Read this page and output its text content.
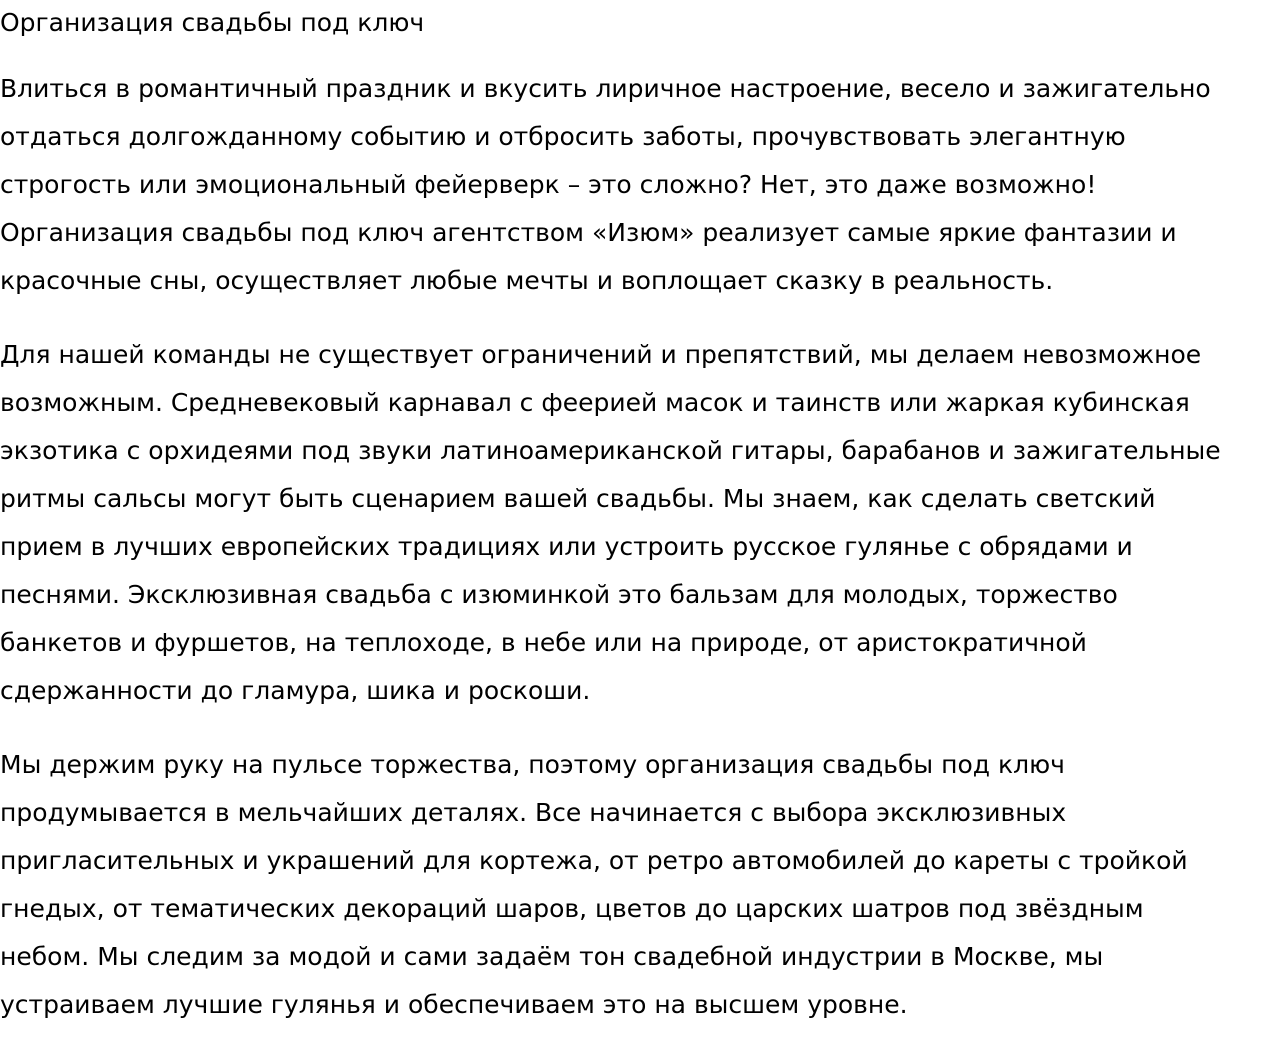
Организация свадьбы под ключ

Влиться в романтичный праздник и вкусить лиричное настроение, весело и зажигательно
отдаться долгожданному событию и отбросить заботы, прочувствовать элегантную
строгость или эмоциональный фейерверк – это сложно? Нет, это даже возможно!
Организация свадьбы под ключ агентством «Изюм» реализует самые яркие фантазии и
красочные сны, осуществляет любые мечты и воплощает сказку в реальность.

Для нашей команды не существует ограничений и препятствий, мы делаем невозможное
возможным. Средневековый карнавал с феерией масок и таинств или жаркая кубинская
экзотика с орхидеями под звуки латиноамериканской гитары, барабанов и зажигательные
ритмы сальсы могут быть сценарием вашей свадьбы. Мы знаем, как сделать светский
прием в лучших европейских традициях или устроить русское гулянье с обрядами и
песнями. Эксклюзивная свадьба с изюминкой это бальзам для молодых, торжество
банкетов и фуршетов, на теплоходе, в небе или на природе, от аристократичной
сдержанности до гламура, шика и роскоши.

Мы держим руку на пульсе торжества, поэтому организация свадьбы под ключ
продумывается в мельчайших деталях. Все начинается с выбора эксклюзивных
пригласительных и украшений для кортежа, от ретро автомобилей до кареты с тройкой
гнедых, от тематических декораций шаров, цветов до царских шатров под звёздным
небом. Мы следим за модой и сами задаём тон свадебной индустрии в Москве, мы
устраиваем лучшие гулянья и обеспечиваем это на высшем уровне.
